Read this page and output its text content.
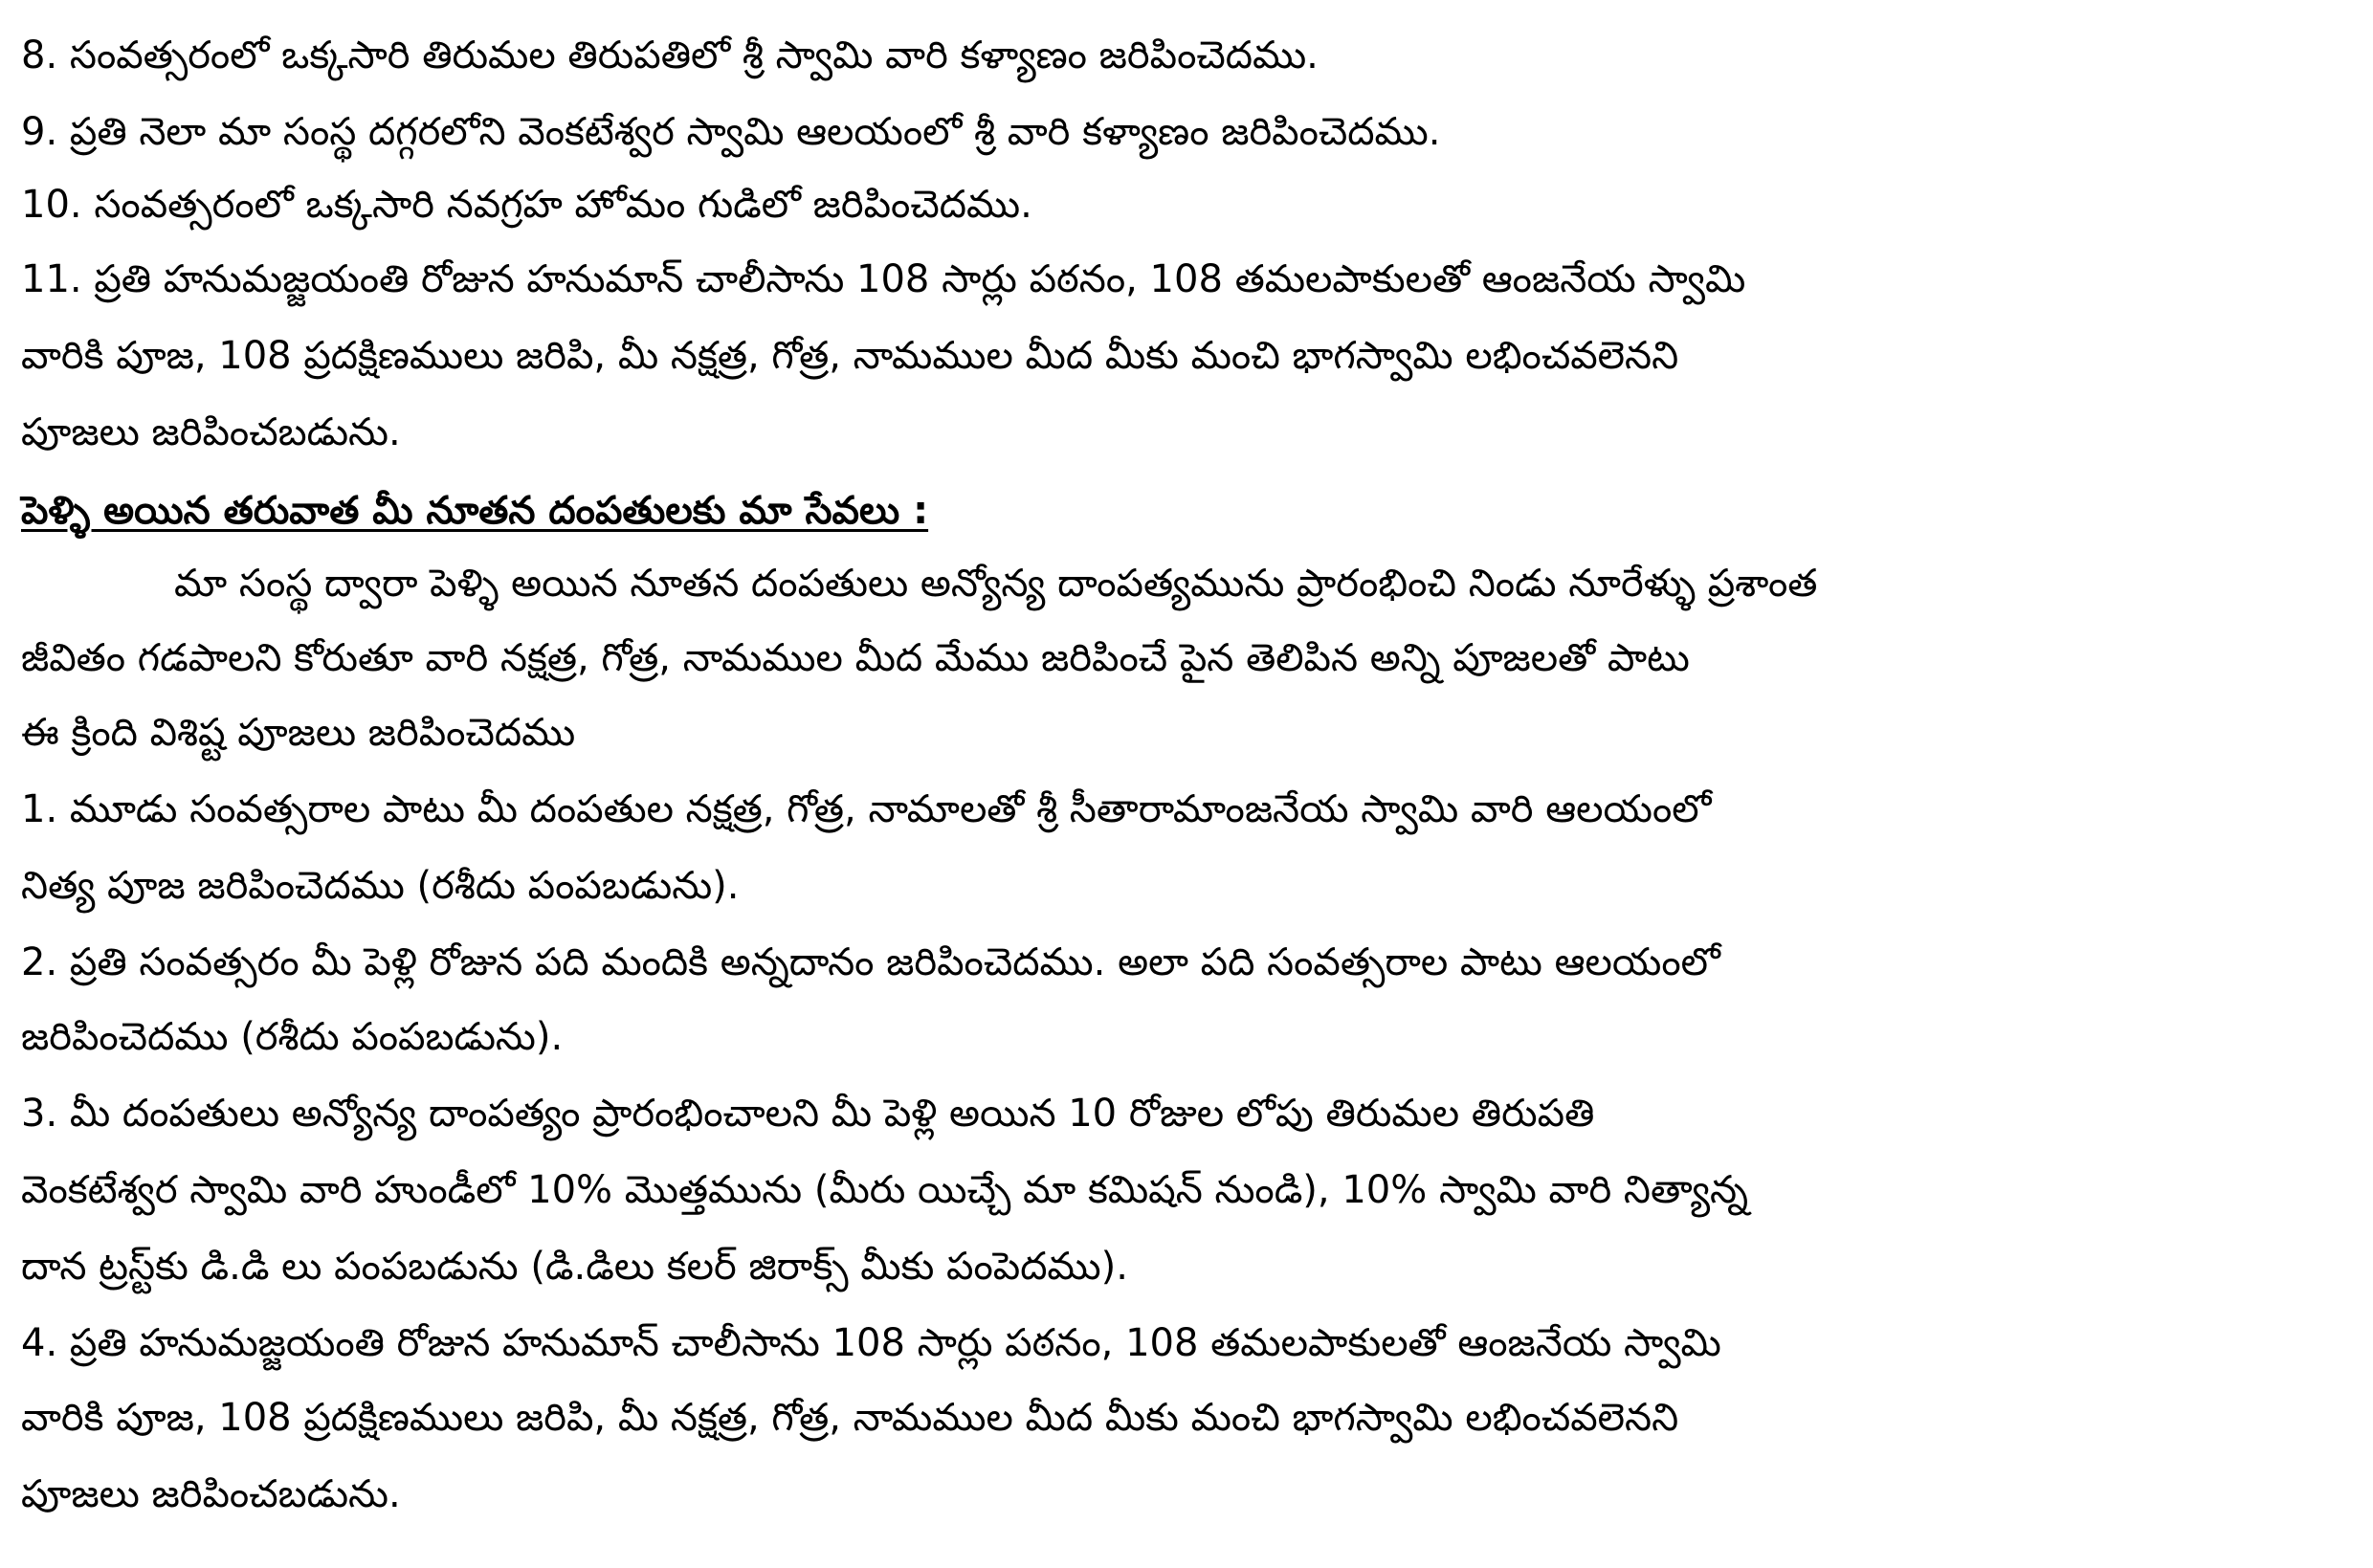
8. సంవత్సరంలో ఒక్కసారి తిరుమల తిరుపతిలో శ్రీ స్వామి వారి కళ్యాణం జరిపించెదము.
9. ప్రతి నెలా మా సంస్థ దగ్గరలోని వెంకటేశ్వర స్వామి ఆలయంలో శ్రీ వారి కళ్యాణం జరిపించెదము.
10. సంవత్సరంలో ఒక్కసారి నవగ్రహ హోమం గుడిలో జరిపించెదము.
11. ప్రతి హనుమజ్జయంతి రోజున హనుమాన్ చాలీసాను 108 సార్లు పఠనం, 108 తమలపాకులతో ఆంజనేయ స్వామి
వారికి పూజ, 108 ప్రదక్షిణములు జరిపి, మీ నక్షత్ర, గోత్ర, నామముల మీద మీకు మంచి భాగస్వామి లభించవలెనని
పూజలు జరిపించబడును.
పెళ్ళి అయిన తరువాత మీ నూతన దంపతులకు మా సేవలు :
మా సంస్థ ద్వారా పెళ్ళి అయిన నూతన దంపతులు అన్యోన్య దాంపత్యమును ప్రారంభించి నిండు నూరేళ్ళు ప్రశాంత
జీవితం గడపాలని కోరుతూ వారి నక్షత్ర, గోత్ర, నామముల మీద మేము జరిపించే పైన తెలిపిన అన్ని పూజలతో పాటు
ఈ క్రింది విశిష్ట పూజలు జరిపించెదము
1. మూడు సంవత్సరాల పాటు మీ దంపతుల నక్షత్ర, గోత్ర, నామాలతో శ్రీ సీతారామాంజనేయ స్వామి వారి ఆలయంలో
నిత్య పూజ జరిపించెదము (రశీదు పంపబడును).
2. ప్రతి సంవత్సరం మీ పెళ్లి రోజున పది మందికి అన్నదానం జరిపించెదము. అలా పది సంవత్సరాల పాటు ఆలయంలో
జరిపించెదము (రశీదు పంపబడును).
3. మీ దంపతులు అన్యోన్య దాంపత్యం ప్రారంభించాలని మీ పెళ్లి అయిన 10 రోజుల లోపు తిరుమల తిరుపతి
వెంకటేశ్వర స్వామి వారి హుండీలో 10% మొత్తమును (మీరు యిచ్చే మా కమిషన్ నుండి), 10% స్వామి వారి నిత్యాన్న
దాన ట్రస్ట్‌కు డి.డి లు పంపబడును (డి.డిలు కలర్ జిరాక్స్ మీకు పంపెదము).
4. ప్రతి హనుమజ్జయంతి రోజున హనుమాన్ చాలీసాను 108 సార్లు పఠనం, 108 తమలపాకులతో ఆంజనేయ స్వామి
వారికి పూజ, 108 ప్రదక్షిణములు జరిపి, మీ నక్షత్ర, గోత్ర, నామముల మీద మీకు మంచి భాగస్వామి లభించవలెనని
పూజలు జరిపించబడును.
